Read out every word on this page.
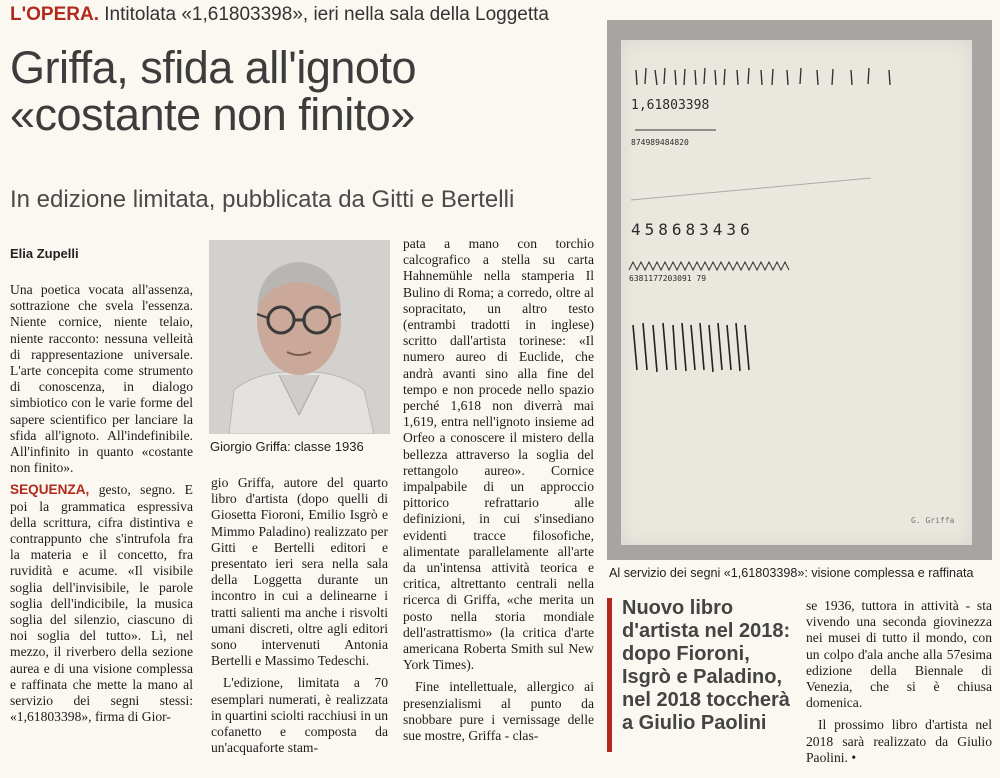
L'OPERA. Intitolata «1,61803398», ieri nella sala della Loggetta
Griffa, sfida all'ignoto
«costante non finito»
In edizione limitata, pubblicata da Gitti e Bertelli
Elia Zupelli

Una poetica vocata all'assenza, sottrazione che svela l'essenza. Niente cornice, niente telaio, niente racconto: nessuna velleità di rappresentazione universale. L'arte concepita come strumento di conoscenza, in dialogo simbiotico con le varie forme del sapere scientifico per lanciare la sfida all'ignoto. All'indefinibile. All'infinito in quanto «costante non finito».

SEQUENZA, gesto, segno. E poi la grammatica espressiva della scrittura, cifra distintiva e contrappunto che s'intrufola fra la materia e il concetto, fra ruvidità e acume. «Il visibile soglia dell'invisibile, le parole soglia dell'indicibile, la musica soglia del silenzio, ciascuno di noi soglia del tutto». Lì, nel mezzo, il riverbero della sezione aurea e di una visione complessa e raffinata che mette la mano al servizio dei segni stessi: «1,61803398», firma di Gior-

Giorgio Griffa: classe 1936

gio Griffa, autore del quarto libro d'artista (dopo quelli di Giosetta Fioroni, Emilio Isgrò e Mimmo Paladino) realizzato per Gitti e Bertelli editori e presentato ieri sera nella sala della Loggetta durante un incontro in cui a delinearne i tratti salienti ma anche i risvolti umani discreti, oltre agli editori sono intervenuti Antonia Bertelli e Massimo Tedeschi.

L'edizione, limitata a 70 esemplari numerati, è realizzata in quartini sciolti racchiusi in un cofanetto e composta da un'acquaforte stam-

pata a mano con torchio calcografico a stella su carta Hahnemühle nella stamperia Il Bulino di Roma; a corredo, oltre al sopracitato, un altro testo (entrambi tradotti in inglese) scritto dall'artista torinese: «Il numero aureo di Euclide, che andrà avanti sino alla fine del tempo e non procede nello spazio perché 1,618 non diverrà mai 1,619, entra nell'ignoto insieme ad Orfeo a conoscere il mistero della bellezza attraverso la soglia del rettangolo aureo». Cornice impalpabile di un approccio pittorico refrattario alle definizioni, in cui s'insediano evidenti tracce filosofiche, alimentate parallelamente all'arte da un'intensa attività teorica e critica, altrettanto centrali nella ricerca di Griffa, «che merita un posto nella storia mondiale dell'astrattismo» (la critica d'arte americana Roberta Smith sul New York Times).

Fine intellettuale, allergico ai presenzialismi al punto da snobbare pure i vernissage delle sue mostre, Griffa - clas-

1,61803398
874989484820
458683436
6381177203091 79
G. Griffa
Al servizio dei segni «1,61803398»: visione complessa e raffinata
Nuovo libro d'artista nel 2018: dopo Fioroni, Isgrò e Paladino, nel 2018 toccherà a Giulio Paolini

se 1936, tuttora in attività - sta vivendo una seconda giovinezza nei musei di tutto il mondo, con un colpo d'ala anche alla 57esima edizione della Biennale di Venezia, che si è chiusa domenica.

Il prossimo libro d'artista nel 2018 sarà realizzato da Giulio Paolini. •
